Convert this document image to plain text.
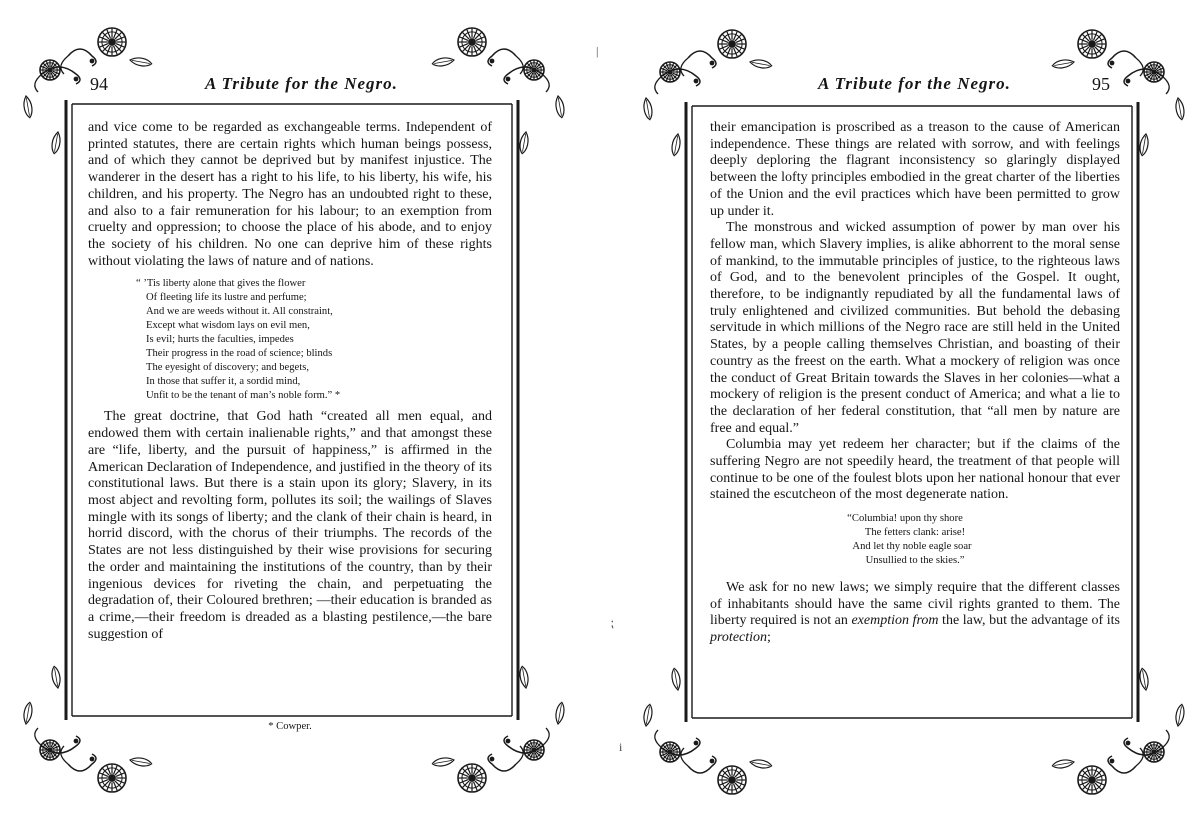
94	A Tribute for the Negro.

and vice come to be regarded as exchangeable terms. Independent of printed statutes, there are certain rights which human beings possess, and of which they cannot be deprived but by manifest injustice. The wanderer in the desert has a right to his life, to his liberty, his wife, his children, and his property. The Negro has an undoubted right to these, and also to a fair remuneration for his labour; to an exemption from cruelty and oppression; to choose the place of his abode, and to enjoy the society of his children. No one can deprive him of these rights without violating the laws of nature and of nations.

“ ’Tis liberty alone that gives the flower
Of fleeting life its lustre and perfume;
And we are weeds without it. All constraint,
Except what wisdom lays on evil men,
Is evil; hurts the faculties, impedes
Their progress in the road of science; blinds
The eyesight of discovery; and begets,
In those that suffer it, a sordid mind,
Unfit to be the tenant of man’s noble form.” *

The great doctrine, that God hath “created all men equal, and endowed them with certain inalienable rights,” and that amongst these are “life, liberty, and the pursuit of happiness,” is affirmed in the American Declaration of Independence, and justified in the theory of its constitutional laws. But there is a stain upon its glory; Slavery, in its most abject and revolting form, pollutes its soil; the wailings of Slaves mingle with its songs of liberty; and the clank of their chain is heard, in horrid discord, with the chorus of their triumphs. The records of the States are not less distinguished by their wise provisions for securing the order and maintaining the institutions of the country, than by their ingenious devices for riveting the chain, and perpetuating the degradation of, their Coloured brethren; —their education is branded as a crime,—their freedom is dreaded as a blasting pestilence,—the bare suggestion of

* Cowper.
A Tribute for the Negro.	95

their emancipation is proscribed as a treason to the cause of American independence. These things are related with sorrow, and with feelings deeply deploring the flagrant inconsistency so glaringly displayed between the lofty principles embodied in the great charter of the liberties of the Union and the evil practices which have been permitted to grow up under it.

The monstrous and wicked assumption of power by man over his fellow man, which Slavery implies, is alike abhorrent to the moral sense of mankind, to the immutable principles of justice, to the righteous laws of God, and to the benevolent principles of the Gospel. It ought, therefore, to be indignantly repudiated by all the fundamental laws of truly enlightened and civilized communities. But behold the debasing servitude in which millions of the Negro race are still held in the United States, by a people calling themselves Christian, and boasting of their country as the freest on the earth. What a mockery of religion was once the conduct of Great Britain towards the Slaves in her colonies—what a mockery of religion is the present conduct of America; and what a lie to the declaration of her federal constitution, that “all men by nature are free and equal.”

Columbia may yet redeem her character; but if the claims of the suffering Negro are not speedily heard, the treatment of that people will continue to be one of the foulest blots upon her national honour that ever stained the escutcheon of the most degenerate nation.

“Columbia! upon thy shore
The fetters clank: arise!
And let thy noble eagle soar
Unsullied to the skies.”

We ask for no new laws; we simply require that the different classes of inhabitants should have the same civil rights granted to them. The liberty required is not an exemption from the law, but the advantage of its protection;

|
⁏
i
